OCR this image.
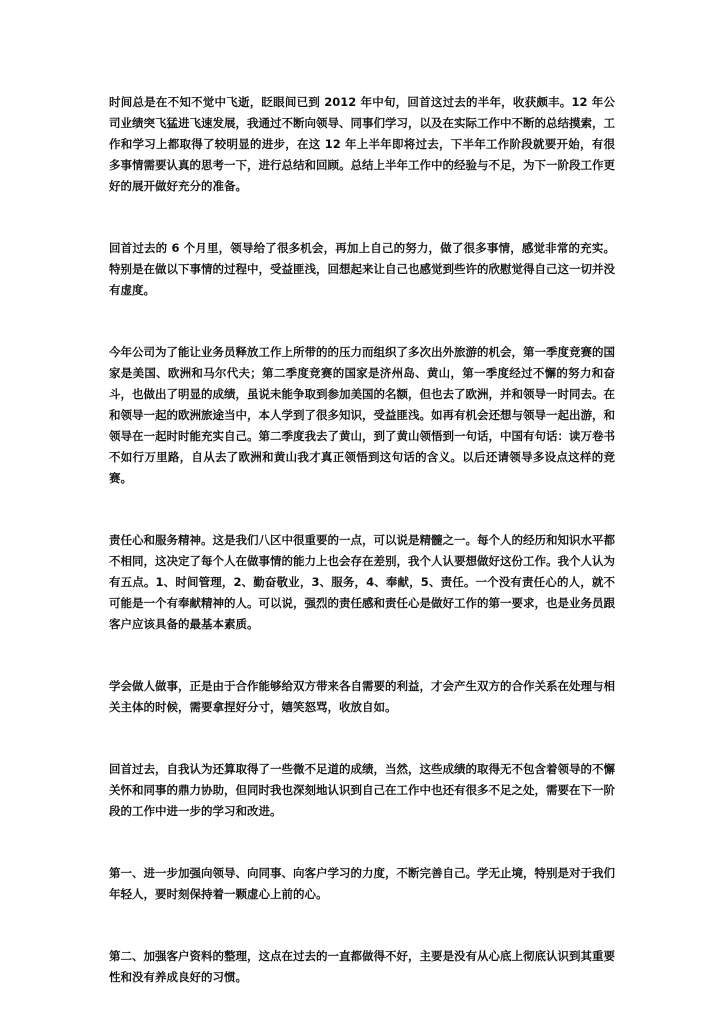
时间总是在不知不觉中飞逝，眨眼间已到 2012 年中旬，回首这过去的半年，收获颇丰。12 年公司业绩突飞猛进飞速发展，我通过不断向领导、同事们学习，以及在实际工作中不断的总结摸索，工作和学习上都取得了较明显的进步，在这 12 年上半年即将过去，下半年工作阶段就要开始，有很多事情需要认真的思考一下，进行总结和回顾。总结上半年工作中的经验与不足，为下一阶段工作更好的展开做好充分的准备。

回首过去的 6 个月里，领导给了很多机会，再加上自己的努力，做了很多事情，感觉非常的充实。特别是在做以下事情的过程中，受益匪浅，回想起来让自己也感觉到些许的欣慰觉得自己这一切并没有虚度。

今年公司为了能让业务员释放工作上所带的的压力而组织了多次出外旅游的机会，第一季度竞赛的国家是美国、欧洲和马尔代夫；第二季度竞赛的国家是济州岛、黄山，第一季度经过不懈的努力和奋斗，也做出了明显的成绩，虽说未能争取到参加美国的名额，但也去了欧洲，并和领导一时同去。在和领导一起的欧洲旅途当中，本人学到了很多知识，受益匪浅。如再有机会还想与领导一起出游，和领导在一起时时能充实自己。第二季度我去了黄山，到了黄山领悟到一句话，中国有句话：读万卷书不如行万里路，自从去了欧洲和黄山我才真正领悟到这句话的含义。以后还请领导多设点这样的竞赛。

责任心和服务精神。这是我们八区中很重要的一点，可以说是精髓之一。每个人的经历和知识水平都不相同，这决定了每个人在做事情的能力上也会存在差别，我个人认要想做好这份工作。我个人认为有五点。1、时间管理，2、勤奋敬业，3、服务，4、奉献，5、责任。一个没有责任心的人，就不可能是一个有奉献精神的人。可以说，强烈的责任感和责任心是做好工作的第一要求，也是业务员跟客户应该具备的最基本素质。

学会做人做事，正是由于合作能够给双方带来各自需要的利益，才会产生双方的合作关系在处理与相关主体的时候，需要拿捏好分寸，嬉笑怒骂，收放自如。

回首过去，自我认为还算取得了一些微不足道的成绩，当然，这些成绩的取得无不包含着领导的不懈关怀和同事的鼎力协助，但同时我也深刻地认识到自己在工作中也还有很多不足之处，需要在下一阶段的工作中进一步的学习和改进。

第一、进一步加强向领导、向同事、向客户学习的力度，不断完善自己。学无止境，特别是对于我们年轻人，要时刻保持着一颗虚心上前的心。

第二、加强客户资料的整理，这点在过去的一直都做得不好，主要是没有从心底上彻底认识到其重要性和没有养成良好的习惯。
